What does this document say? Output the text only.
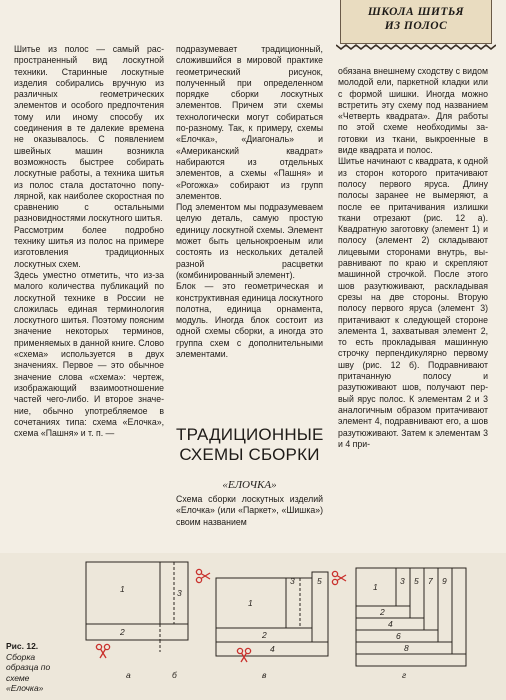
ШКОЛА ШИТЬЯ
ИЗ ПОЛОС

Шитье из полос — самый распространенный вид лоскутной техники. Старинные лоскутные изделия собирались вручную из различных геометрических элементов и особого предпочтения тому или иному способу их соединения в те далекие времена не оказывалось. С появлением швейных машин возникла возможность быстрее собирать лоскутные работы, а техника шитья из полос стала достаточно популярной, как наиболее скоростная по сравнению с остальными разновидностями лоскутного шитья.

Рассмотрим более подробно технику шитья из полос на примере изготовления традиционных лоскутных схем.

Здесь уместно отметить, что из-за малого количества публикаций по лоскутной технике в России не сложилась единая терминология лоскутного шитья. Поэтому поясним значение некоторых терминов, применяемых в данной книге. Слово «схема» используется в двух значениях. Первое — это обычное значение слова «схема»: чертеж, изображающий взаимоотношение частей чего-либо. И второе значение, обычно употребляемое в сочетаниях типа: схема «Елочка», схема «Пашня» и т. п. —

подразумевает традиционный, сложившийся в мировой практике геометрический рисунок, полученный при определенном порядке сборки лоскутных элементов. Причем эти схемы технологически могут собираться по-разному. Так, к примеру, схемы «Елочка», «Диагональ» и «Американский квадрат» набираются из отдельных элементов, а схемы «Пашня» и «Рогожка» собирают из групп элементов.

Под элементом мы подразумеваем целую деталь, самую простую единицу лоскутной схемы. Элемент может быть цельнокроеным или состоять из нескольких деталей разной расцветки (комбинированный элемент).

Блок — это геометрическая и конструктивная единица лоскутного полотна, единица орнамента, модуль. Иногда блок состоит из одной схемы сборки, а иногда это группа схем с дополнительными элементами.

ТРАДИЦИОННЫЕ
СХЕМЫ СБОРКИ
«ЕЛОЧКА»

Схема сборки лоскутных изделий «Елочка» (или «Паркет», «Шишка») своим названием

обязана внешнему сходству с видом молодой ели, паркетной кладки или с формой шишки. Иногда можно встретить эту схему под названием «Четверть квадрата». Для работы по этой схеме необходимы заготовки из ткани, выкроенные в виде квадрата и полос.

Шитье начинают с квадрата, к одной из сторон которого притачивают полосу первого яруса. Длину полосы заранее не вымеряют, а после ее притачивания излишки ткани отрезают (рис. 12 а). Квадратную заготовку (элемент 1) и полосу (элемент 2) складывают лицевыми сторонами внутрь, выравнивают по краю и скрепляют машинной строчкой. После этого шов разутюживают, раскладывая срезы на две стороны. Вторую полосу первого яруса (элемент 3) притачивают к следующей стороне элемента 1, захватывая элемент 2, то есть прокладывая машинную строчку перпендикулярно первому шву (рис. 12 б). Подравнивают притачанную полосу и разутюживают шов, получают первый ярус полос. К элементам 2 и 3 аналогичным образом притачивают элемент 4, подравнивают его, а шов разутюживают. Затем к элементам 3 и 4 при-

1
2
3
1
2
3
4
5
1
2
3
4
5
6
7
8
9
а	б	в	г
Рис. 12.
Сборка образца по схеме «Елочка»
